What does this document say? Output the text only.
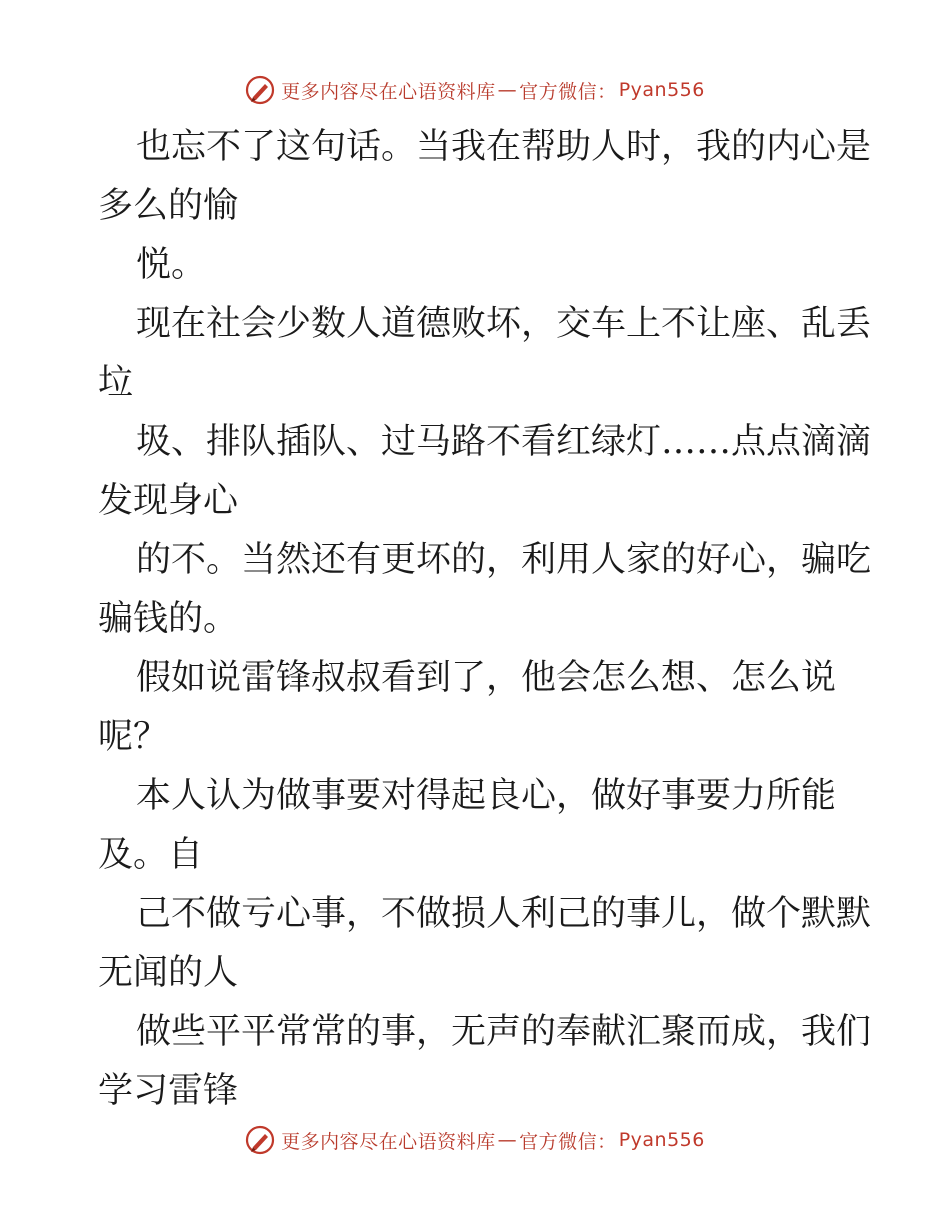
更多内容尽在心语资料库 — 官方微信： Pyan556
也忘不了这句话。当我在帮助人时，我的内心是
多么的愉
悦。
现在社会少数人道德败坏，交车上不让座、乱丢
垃
圾、排队插队、过马路不看红绿灯……点点滴滴
发现身心
的不。当然还有更坏的，利用人家的好心，骗吃
骗钱的。
假如说雷锋叔叔看到了，他会怎么想、怎么说
呢？
本人认为做事要对得起良心，做好事要力所能
及。自
己不做亏心事，不做损人利己的事儿，做个默默
无闻的人
做些平平常常的事，无声的奉献汇聚而成，我们
学习雷锋
更多内容尽在心语资料库 — 官方微信： Pyan556
